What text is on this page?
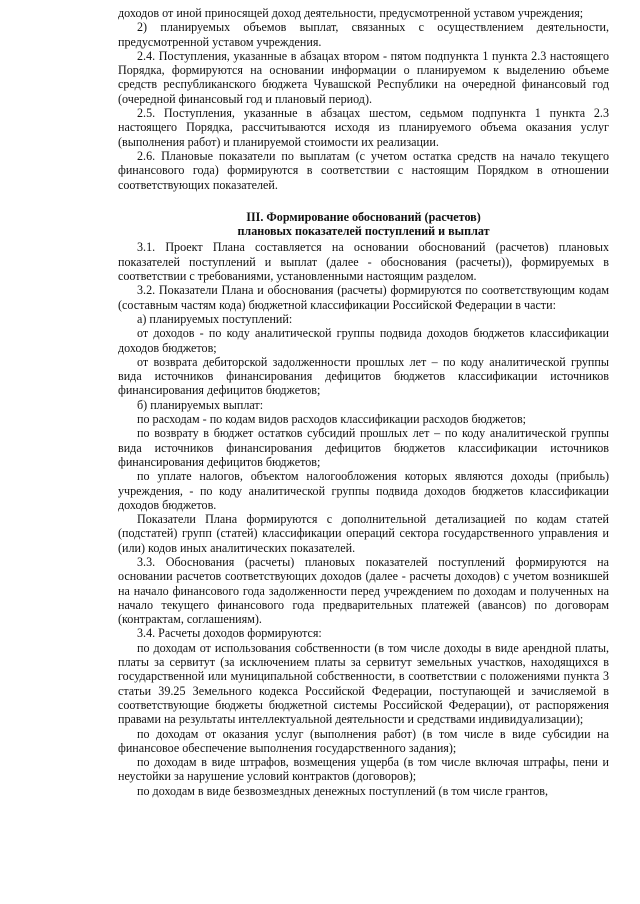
доходов от иной приносящей доход деятельности, предусмотренной уставом учреждения;

2) планируемых объемов выплат, связанных с осуществлением деятельности, предусмотренной уставом учреждения.

2.4. Поступления, указанные в абзацах втором - пятом подпункта 1 пункта 2.3 настоящего Порядка, формируются на основании информации о планируемом к выделению объеме средств республиканского бюджета Чувашской Республики на очередной финансовый год (очередной финансовый год и плановый период).

2.5. Поступления, указанные в абзацах шестом, седьмом подпункта 1 пункта 2.3 настоящего Порядка, рассчитываются исходя из планируемого объема оказания услуг (выполнения работ) и планируемой стоимости их реализации.

2.6. Плановые показатели по выплатам (с учетом остатка средств на начало текущего финансового года) формируются в соответствии с настоящим Порядком в отношении соответствующих показателей.

III. Формирование обоснований (расчетов)
плановых показателей поступлений и выплат

3.1. Проект Плана составляется на основании обоснований (расчетов) плановых показателей поступлений и выплат (далее - обоснования (расчеты)), формируемых в соответствии с требованиями, установленными настоящим разделом.

3.2. Показатели Плана и обоснования (расчеты) формируются по соответствующим кодам (составным частям кода) бюджетной классификации Российской Федерации в части:

а) планируемых поступлений:

от доходов - по коду аналитической группы подвида доходов бюджетов классификации доходов бюджетов;

от возврата дебиторской задолженности прошлых лет – по коду аналитической группы вида источников финансирования дефицитов бюджетов классификации источников финансирования дефицитов бюджетов;

б) планируемых выплат:

по расходам - по кодам видов расходов классификации расходов бюджетов;

по возврату в бюджет остатков субсидий прошлых лет – по коду аналитической группы вида источников финансирования дефицитов бюджетов классификации источников финансирования дефицитов бюджетов;

по уплате налогов, объектом налогообложения которых являются доходы (прибыль) учреждения, - по коду аналитической группы подвида доходов бюджетов классификации доходов бюджетов.

Показатели Плана формируются с дополнительной детализацией по кодам статей (подстатей) групп (статей) классификации операций сектора государственного управления и (или) кодов иных аналитических показателей.

3.3. Обоснования (расчеты) плановых показателей поступлений формируются на основании расчетов соответствующих доходов (далее - расчеты доходов) с учетом возникшей на начало финансового года задолженности перед учреждением по доходам и полученных на начало текущего финансового года предварительных платежей (авансов) по договорам (контрактам, соглашениям).

3.4. Расчеты доходов формируются:

по доходам от использования собственности (в том числе доходы в виде арендной платы, платы за сервитут (за исключением платы за сервитут земельных участков, находящихся в государственной или муниципальной собственности, в соответствии с положениями пункта 3 статьи 39.25 Земельного кодекса Российской Федерации, поступающей и зачисляемой в соответствующие бюджеты бюджетной системы Российской Федерации), от распоряжения правами на результаты интеллектуальной деятельности и средствами индивидуализации);

по доходам от оказания услуг (выполнения работ) (в том числе в виде субсидии на финансовое обеспечение выполнения государственного задания);

по доходам в виде штрафов, возмещения ущерба (в том числе включая штрафы, пени и неустойки за нарушение условий контрактов (договоров);

по доходам в виде безвозмездных денежных поступлений (в том числе грантов,
